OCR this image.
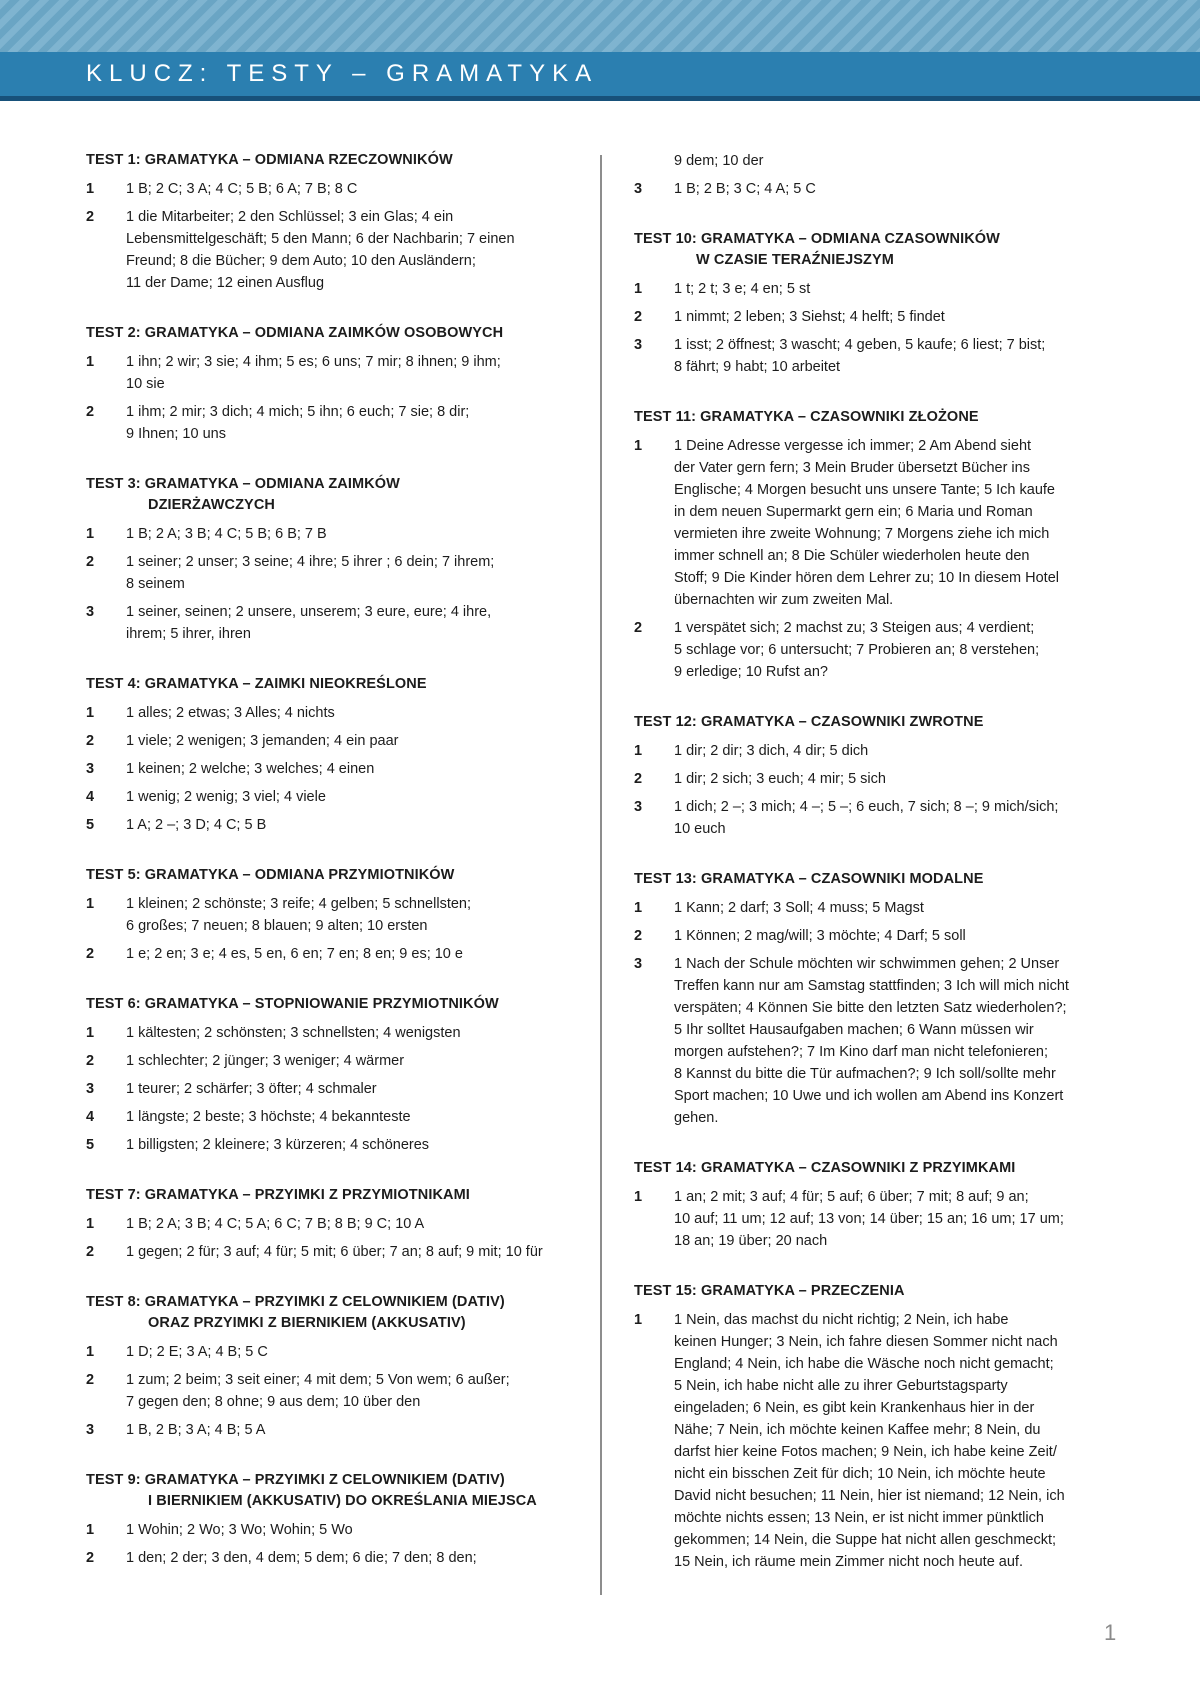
KLUCZ: TESTY – GRAMATYKA
TEST 1: GRAMATYKA – ODMIANA RZECZOWNIKÓW
1	1 B; 2 C; 3 A; 4 C; 5 B; 6 A; 7 B; 8 C
2	1 die Mitarbeiter; 2 den Schlüssel; 3 ein Glas; 4 ein
Lebensmittelgeschäft; 5 den Mann; 6 der Nachbarin; 7 einen
Freund; 8 die Bücher; 9 dem Auto; 10 den Ausländern;
11 der Dame; 12 einen Ausflug
TEST 2: GRAMATYKA – ODMIANA ZAIMKÓW OSOBOWYCH
1	1 ihn; 2 wir; 3 sie; 4 ihm; 5 es; 6 uns; 7 mir; 8 ihnen; 9 ihm;
10 sie
2	1 ihm; 2 mir; 3 dich; 4 mich; 5 ihn; 6 euch; 7 sie; 8 dir;
9 Ihnen; 10 uns
TEST 3: GRAMATYKA – ODMIANA ZAIMKÓW
DZIERŻAWCZYCH
1	1 B; 2 A; 3 B; 4 C; 5 B; 6 B; 7 B
2	1 seiner; 2 unser; 3 seine; 4 ihre; 5 ihrer ; 6 dein; 7 ihrem;
8 seinem
3	1 seiner, seinen; 2 unsere, unserem; 3 eure, eure; 4 ihre,
ihrem; 5 ihrer, ihren
TEST 4: GRAMATYKA – ZAIMKI NIEOKREŚLONE
1	1 alles; 2 etwas; 3 Alles; 4 nichts
2	1 viele; 2 wenigen; 3 jemanden; 4 ein paar
3	1 keinen; 2 welche; 3 welches; 4 einen
4	1 wenig; 2 wenig; 3 viel; 4 viele
5	1 A; 2 –; 3 D; 4 C; 5 B
TEST 5: GRAMATYKA – ODMIANA PRZYMIOTNIKÓW
1	1 kleinen; 2 schönste; 3 reife; 4 gelben; 5 schnellsten;
6 großes; 7 neuen; 8 blauen; 9 alten; 10 ersten
2	1 e; 2 en; 3 e; 4 es, 5 en, 6 en; 7 en; 8 en; 9 es; 10 e
TEST 6: GRAMATYKA – STOPNIOWANIE PRZYMIOTNIKÓW
1	1 kältesten; 2 schönsten; 3 schnellsten; 4 wenigsten
2	1 schlechter; 2 jünger; 3 weniger; 4 wärmer
3	1 teurer; 2 schärfer; 3 öfter; 4 schmaler
4	1 längste; 2 beste; 3 höchste; 4 bekannteste
5	1 billigsten; 2 kleinere; 3 kürzeren; 4 schöneres
TEST 7: GRAMATYKA – PRZYIMKI Z PRZYMIOTNIKAMI
1	1 B; 2 A; 3 B; 4 C; 5 A; 6 C; 7 B; 8 B; 9 C; 10 A
2	1 gegen; 2 für; 3 auf; 4 für; 5 mit; 6 über; 7 an; 8 auf; 9 mit; 10 für
TEST 8: GRAMATYKA – PRZYIMKI Z CELOWNIKIEM (DATIV)
ORAZ PRZYIMKI Z BIERNIKIEM (AKKUSATIV)
1	1 D; 2 E; 3 A; 4 B; 5 C
2	1 zum; 2 beim; 3 seit einer; 4 mit dem; 5 Von wem; 6 außer;
7 gegen den; 8 ohne; 9 aus dem; 10 über den
3	1 B, 2 B; 3 A; 4 B; 5 A
TEST 9: GRAMATYKA – PRZYIMKI Z CELOWNIKIEM (DATIV)
I BIERNIKIEM (AKKUSATIV) DO OKREŚLANIA MIEJSCA
1	1 Wohin; 2 Wo; 3 Wo; Wohin; 5 Wo
2	1 den; 2 der; 3 den, 4 dem; 5 dem; 6 die; 7 den; 8 den;
9 dem; 10 der
3	1 B; 2 B; 3 C; 4 A; 5 C
TEST 10: GRAMATYKA – ODMIANA CZASOWNIKÓW
W CZASIE TERAŹNIEJSZYM
1	1 t; 2 t; 3 e; 4 en; 5 st
2	1 nimmt; 2 leben; 3 Siehst; 4 helft; 5 findet
3	1 isst; 2 öffnest; 3 wascht; 4 geben, 5 kaufe; 6 liest; 7 bist;
8 fährt; 9 habt; 10 arbeitet
TEST 11: GRAMATYKA – CZASOWNIKI ZŁOŻONE
1	1 Deine Adresse vergesse ich immer; 2 Am Abend sieht
der Vater gern fern; 3 Mein Bruder übersetzt Bücher ins
Englische; 4 Morgen besucht uns unsere Tante; 5 Ich kaufe
in dem neuen Supermarkt gern ein; 6 Maria und Roman
vermieten ihre zweite Wohnung; 7 Morgens ziehe ich mich
immer schnell an; 8 Die Schüler wiederholen heute den
Stoff; 9 Die Kinder hören dem Lehrer zu; 10 In diesem Hotel
übernachten wir zum zweiten Mal.
2	1 verspätet sich; 2 machst zu; 3 Steigen aus; 4 verdient;
5 schlage vor; 6 untersucht; 7 Probieren an; 8 verstehen;
9 erledige; 10 Rufst an?
TEST 12: GRAMATYKA – CZASOWNIKI ZWROTNE
1	1 dir; 2 dir; 3 dich, 4 dir; 5 dich
2	1 dir; 2 sich; 3 euch; 4 mir; 5 sich
3	1 dich; 2 –; 3 mich; 4 –; 5 –; 6 euch, 7 sich; 8 –; 9 mich/sich;
10 euch
TEST 13: GRAMATYKA – CZASOWNIKI MODALNE
1	1 Kann; 2 darf; 3 Soll; 4 muss; 5 Magst
2	1 Können; 2 mag/will; 3 möchte; 4 Darf; 5 soll
3	1 Nach der Schule möchten wir schwimmen gehen; 2 Unser
Treffen kann nur am Samstag stattfinden; 3 Ich will mich nicht
verspäten; 4 Können Sie bitte den letzten Satz wiederholen?;
5 Ihr solltet Hausaufgaben machen; 6 Wann müssen wir
morgen aufstehen?; 7 Im Kino darf man nicht telefonieren;
8 Kannst du bitte die Tür aufmachen?; 9 Ich soll/sollte mehr
Sport machen; 10 Uwe und ich wollen am Abend ins Konzert
gehen.
TEST 14: GRAMATYKA – CZASOWNIKI Z PRZYIMKAMI
1	1 an; 2 mit; 3 auf; 4 für; 5 auf; 6 über; 7 mit; 8 auf; 9 an;
10 auf; 11 um; 12 auf; 13 von; 14 über; 15 an; 16 um; 17 um;
18 an; 19 über; 20 nach
TEST 15: GRAMATYKA – PRZECZENIA
1	1 Nein, das machst du nicht richtig; 2 Nein, ich habe
keinen Hunger; 3 Nein, ich fahre diesen Sommer nicht nach
England; 4 Nein, ich habe die Wäsche noch nicht gemacht;
5 Nein, ich habe nicht alle zu ihrer Geburtstagsparty
eingeladen; 6 Nein, es gibt kein Krankenhaus hier in der
Nähe; 7 Nein, ich möchte keinen Kaffee mehr; 8 Nein, du
darfst hier keine Fotos machen; 9 Nein, ich habe keine Zeit/
nicht ein bisschen Zeit für dich; 10 Nein, ich möchte heute
David nicht besuchen; 11 Nein, hier ist niemand; 12 Nein, ich
möchte nichts essen; 13 Nein, er ist nicht immer pünktlich
gekommen; 14 Nein, die Suppe hat nicht allen geschmeckt;
15 Nein, ich räume mein Zimmer nicht noch heute auf.
1
